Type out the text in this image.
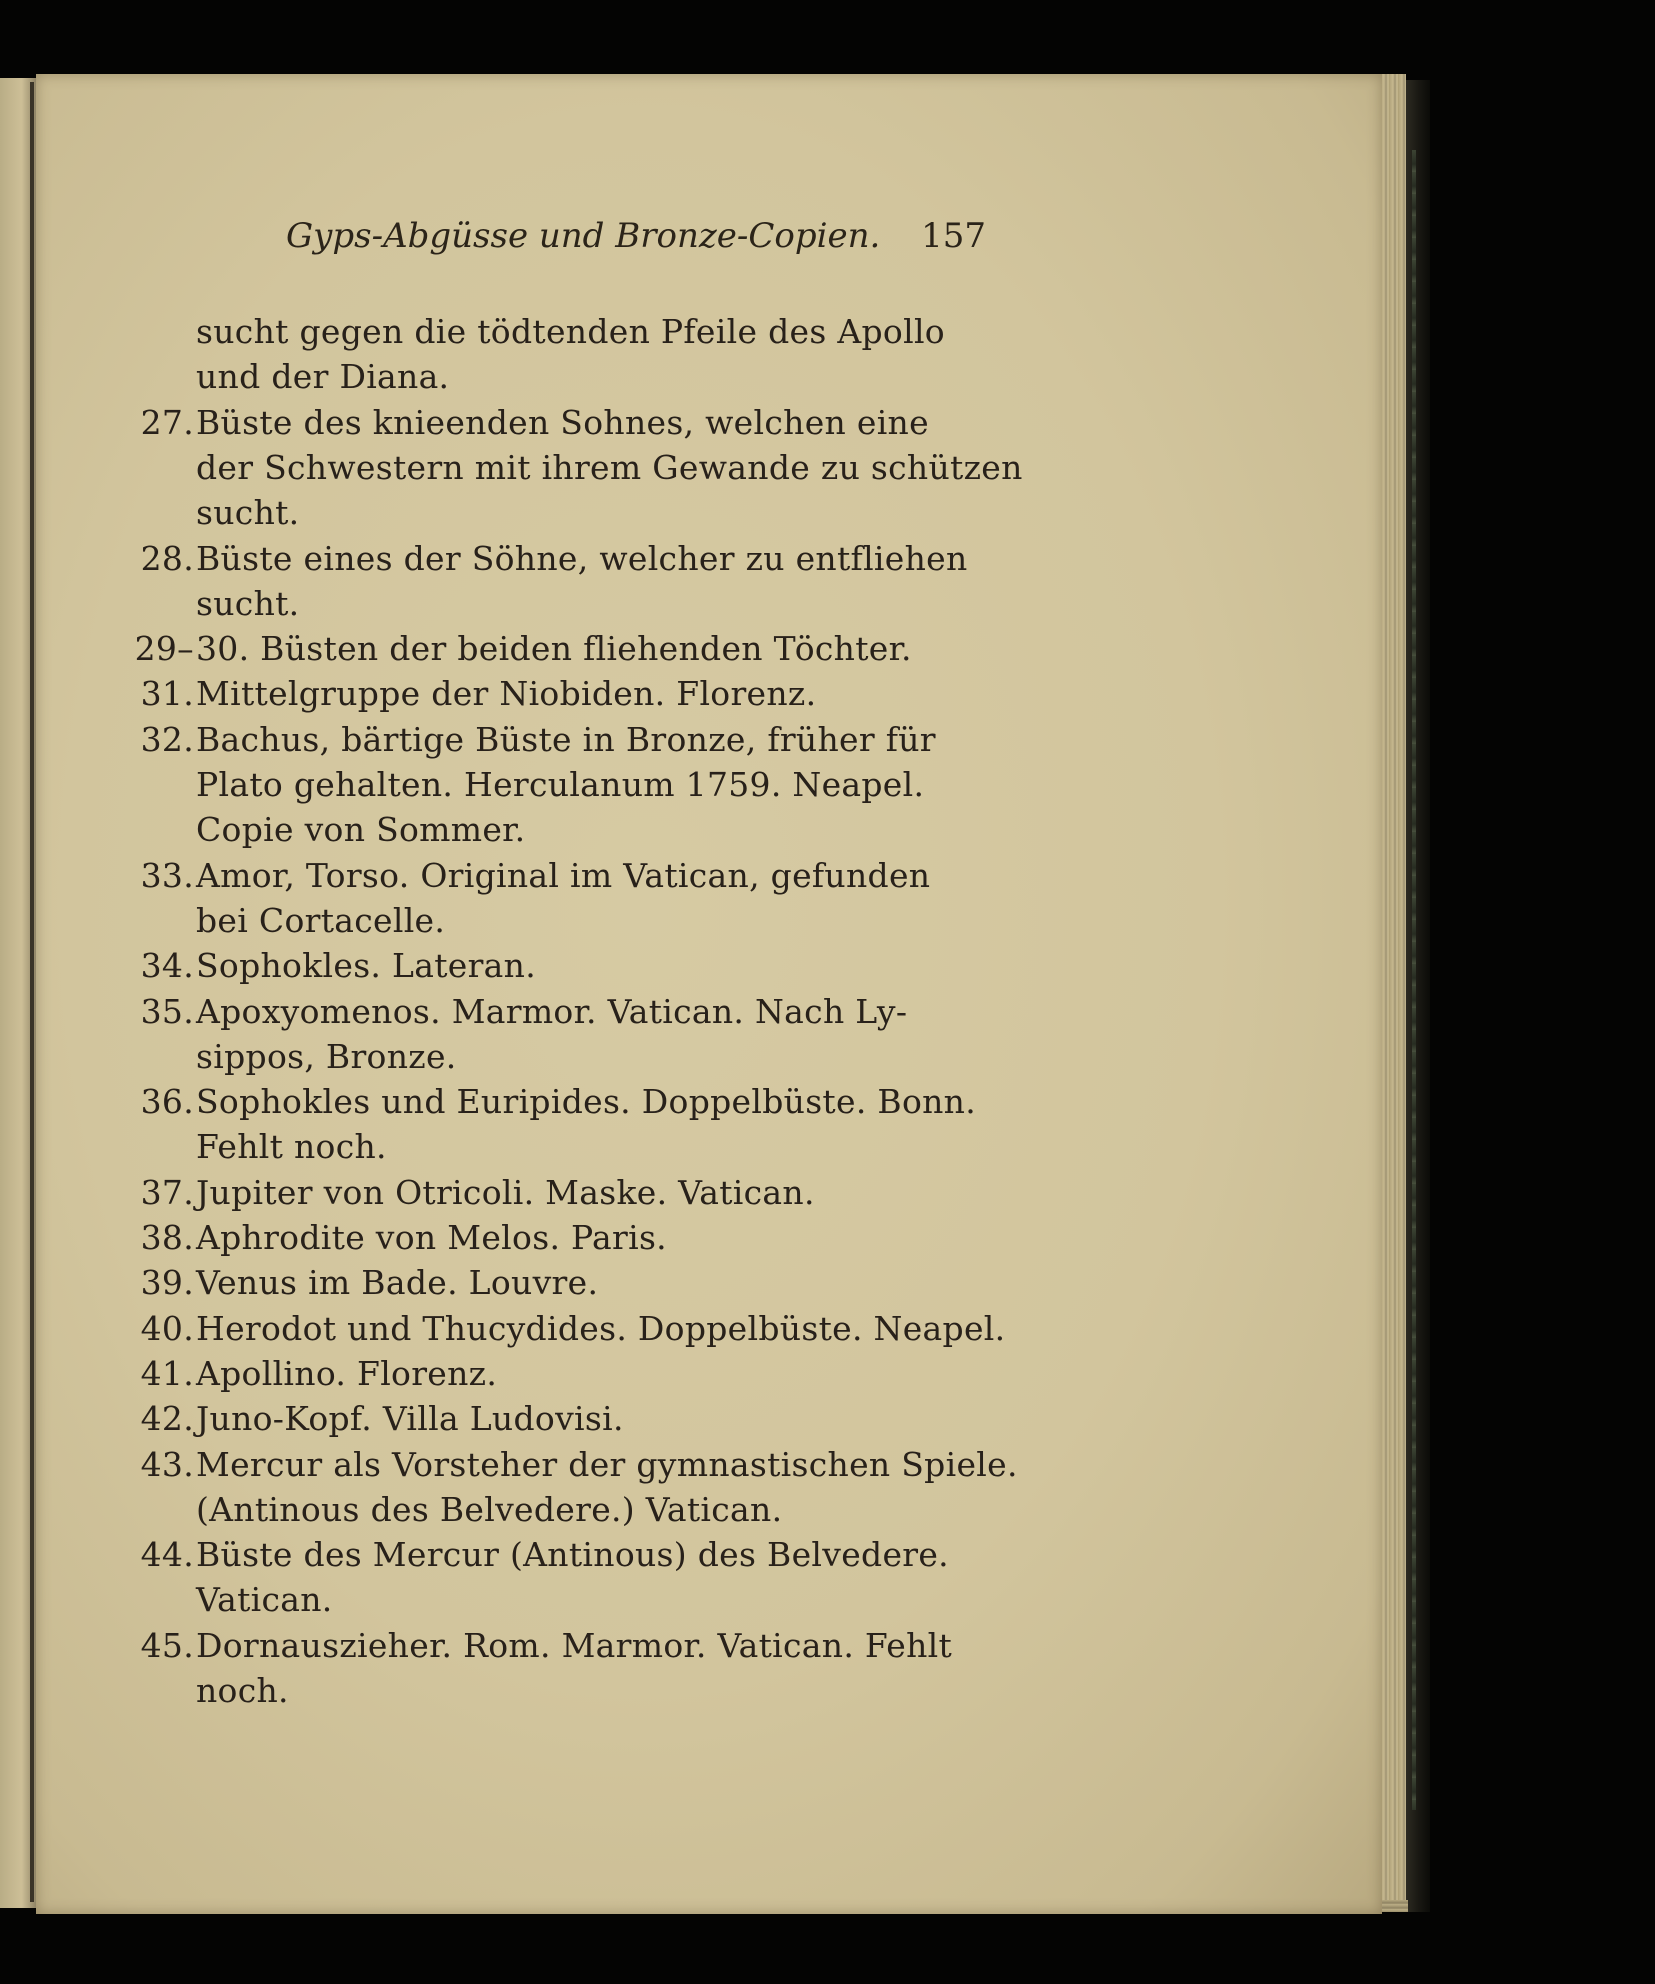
Gyps-Abgüsse und Bronze-Copien. 157
sucht gegen die tödtenden Pfeile des Apollo
und der Diana.
27. Büste des knieenden Sohnes, welchen eine
der Schwestern mit ihrem Gewande zu schützen
sucht.
28. Büste eines der Söhne, welcher zu entfliehen
sucht.
29– 30. Büsten der beiden fliehenden Töchter.
31. Mittelgruppe der Niobiden. Florenz.
32. Bachus, bärtige Büste in Bronze, früher für
Plato gehalten. Herculanum 1759. Neapel.
Copie von Sommer.
33. Amor, Torso. Original im Vatican, gefunden
bei Cortacelle.
34. Sophokles. Lateran.
35. Apoxyomenos. Marmor. Vatican. Nach Ly-
sippos, Bronze.
36. Sophokles und Euripides. Doppelbüste. Bonn.
Fehlt noch.
37. Jupiter von Otricoli. Maske. Vatican.
38. Aphrodite von Melos. Paris.
39. Venus im Bade. Louvre.
40. Herodot und Thucydides. Doppelbüste. Neapel.
41. Apollino. Florenz.
42. Juno-Kopf. Villa Ludovisi.
43. Mercur als Vorsteher der gymnastischen Spiele.
(Antinous des Belvedere.) Vatican.
44. Büste des Mercur (Antinous) des Belvedere.
Vatican.
45. Dornauszieher. Rom. Marmor. Vatican. Fehlt
noch.
